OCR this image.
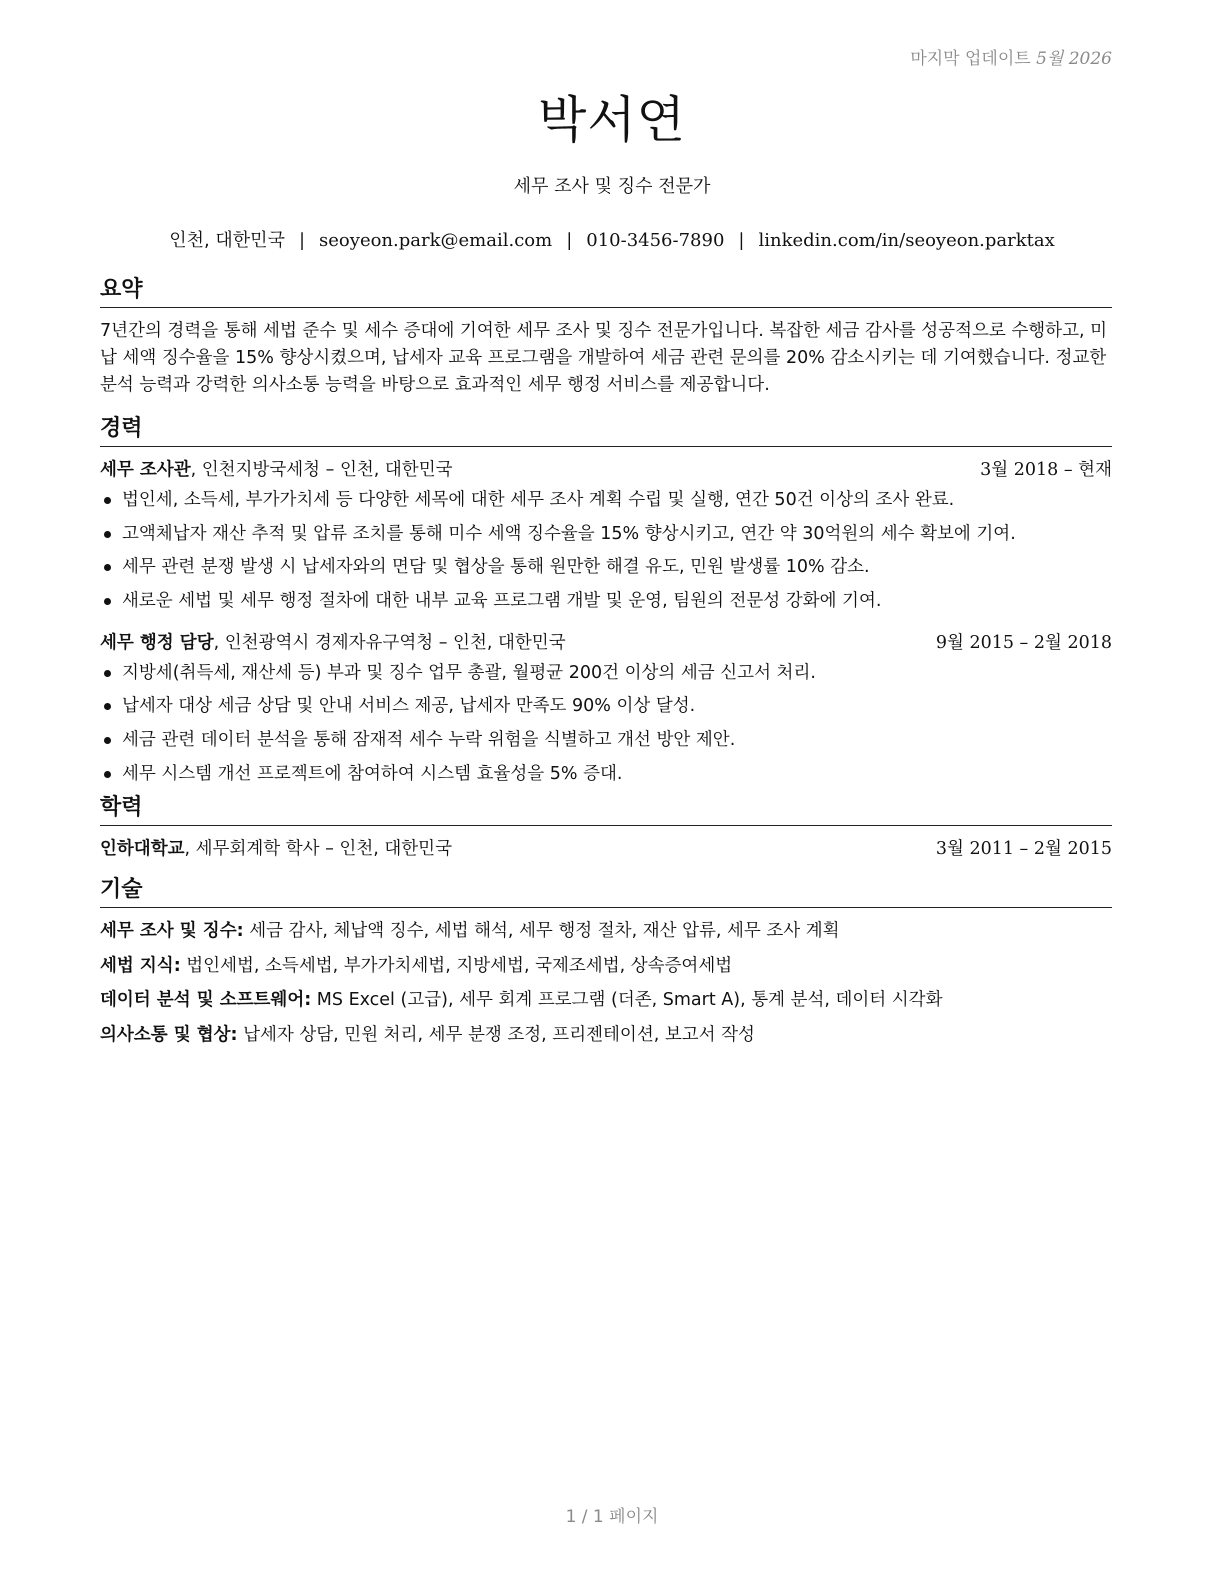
마지막 업데이트 5월 2026
박서연
세무 조사 및 징수 전문가
인천, 대한민국 | seoyeon.park@email.com | 010-3456-7890 | linkedin.com/in/seoyeon.parktax
요약
7년간의 경력을 통해 세법 준수 및 세수 증대에 기여한 세무 조사 및 징수 전문가입니다. 복잡한 세금 감사를 성공적으로 수행하고, 미납 세액 징수율을 15% 향상시켰으며, 납세자 교육 프로그램을 개발하여 세금 관련 문의를 20% 감소시키는 데 기여했습니다. 정교한 분석 능력과 강력한 의사소통 능력을 바탕으로 효과적인 세무 행정 서비스를 제공합니다.
경력
세무 조사관, 인천지방국세청 – 인천, 대한민국	3월 2018 – 현재
법인세, 소득세, 부가가치세 등 다양한 세목에 대한 세무 조사 계획 수립 및 실행, 연간 50건 이상의 조사 완료.
고액체납자 재산 추적 및 압류 조치를 통해 미수 세액 징수율을 15% 향상시키고, 연간 약 30억원의 세수 확보에 기여.
세무 관련 분쟁 발생 시 납세자와의 면담 및 협상을 통해 원만한 해결 유도, 민원 발생률 10% 감소.
새로운 세법 및 세무 행정 절차에 대한 내부 교육 프로그램 개발 및 운영, 팀원의 전문성 강화에 기여.
세무 행정 담당, 인천광역시 경제자유구역청 – 인천, 대한민국	9월 2015 – 2월 2018
지방세(취득세, 재산세 등) 부과 및 징수 업무 총괄, 월평균 200건 이상의 세금 신고서 처리.
납세자 대상 세금 상담 및 안내 서비스 제공, 납세자 만족도 90% 이상 달성.
세금 관련 데이터 분석을 통해 잠재적 세수 누락 위험을 식별하고 개선 방안 제안.
세무 시스템 개선 프로젝트에 참여하여 시스템 효율성을 5% 증대.
학력
인하대학교, 세무회계학 학사 – 인천, 대한민국	3월 2011 – 2월 2015
기술
세무 조사 및 징수: 세금 감사, 체납액 징수, 세법 해석, 세무 행정 절차, 재산 압류, 세무 조사 계획
세법 지식: 법인세법, 소득세법, 부가가치세법, 지방세법, 국제조세법, 상속증여세법
데이터 분석 및 소프트웨어: MS Excel (고급), 세무 회계 프로그램 (더존, Smart A), 통계 분석, 데이터 시각화
의사소통 및 협상: 납세자 상담, 민원 처리, 세무 분쟁 조정, 프리젠테이션, 보고서 작성
1 / 1 페이지
